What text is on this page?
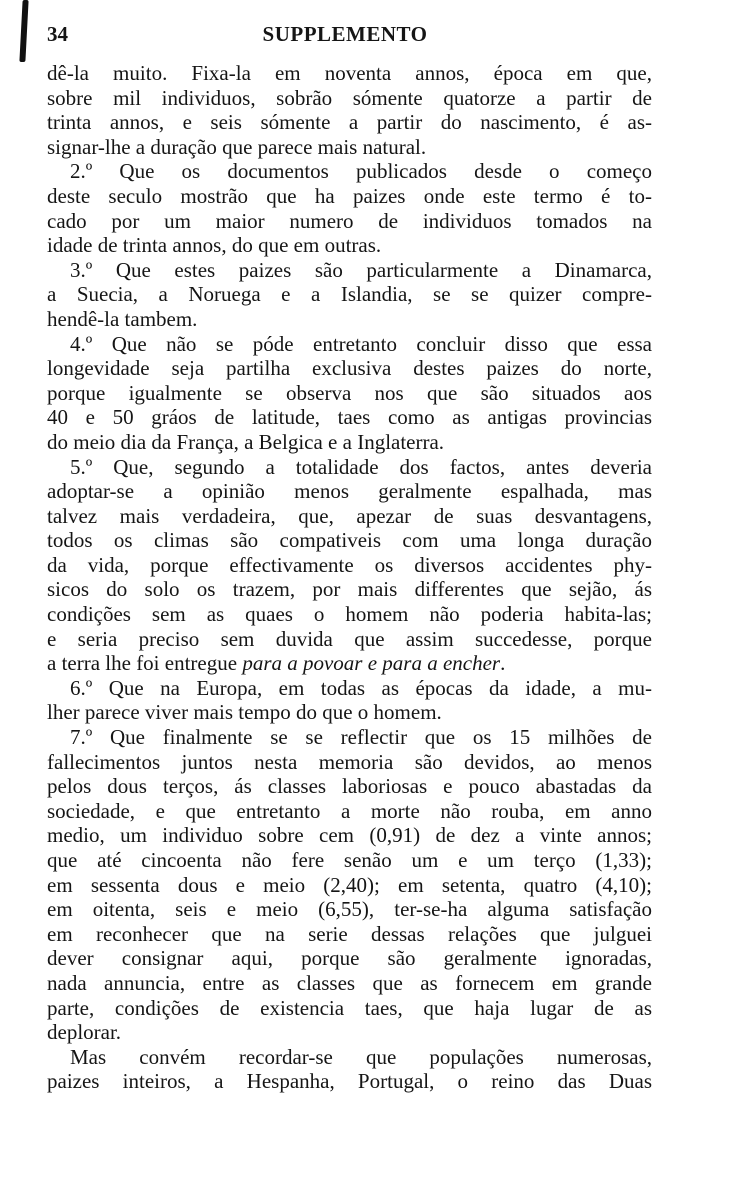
34	SUPPLEMENTO
dê-la muito. Fixa-la em noventa annos, época em que,
sobre mil individuos, sobrão sómente quatorze a partir de
trinta annos, e seis sómente a partir do nascimento, é as-
signar-lhe a duração que parece mais natural.
2.º Que os documentos publicados desde o começo
deste seculo mostrão que ha paizes onde este termo é to-
cado por um maior numero de individuos tomados na
idade de trinta annos, do que em outras.
3.º Que estes paizes são particularmente a Dinamarca,
a Suecia, a Noruega e a Islandia, se se quizer compre-
hendê-la tambem.
4.º Que não se póde entretanto concluir disso que essa
longevidade seja partilha exclusiva destes paizes do norte,
porque igualmente se observa nos que são situados aos
40 e 50 gráos de latitude, taes como as antigas provincias
do meio dia da França, a Belgica e a Inglaterra.
5.º Que, segundo a totalidade dos factos, antes deveria
adoptar-se a opinião menos geralmente espalhada, mas
talvez mais verdadeira, que, apezar de suas desvantagens,
todos os climas são compativeis com uma longa duração
da vida, porque effectivamente os diversos accidentes phy-
sicos do solo os trazem, por mais differentes que sejão, ás
condições sem as quaes o homem não poderia habita-las;
e seria preciso sem duvida que assim succedesse, porque
a terra lhe foi entregue para a povoar e para a encher.
6.º Que na Europa, em todas as épocas da idade, a mu-
lher parece viver mais tempo do que o homem.
7.º Que finalmente se se reflectir que os 15 milhões de
fallecimentos juntos nesta memoria são devidos, ao menos
pelos dous terços, ás classes laboriosas e pouco abastadas da
sociedade, e que entretanto a morte não rouba, em anno
medio, um individuo sobre cem (0,91) de dez a vinte annos;
que até cincoenta não fere senão um e um terço (1,33);
em sessenta dous e meio (2,40); em setenta, quatro (4,10);
em oitenta, seis e meio (6,55), ter-se-ha alguma satisfação
em reconhecer que na serie dessas relações que julguei
dever consignar aqui, porque são geralmente ignoradas,
nada annuncia, entre as classes que as fornecem em grande
parte, condições de existencia taes, que haja lugar de as
deplorar.
Mas convém recordar-se que populações numerosas,
paizes inteiros, a Hespanha, Portugal, o reino das Duas
